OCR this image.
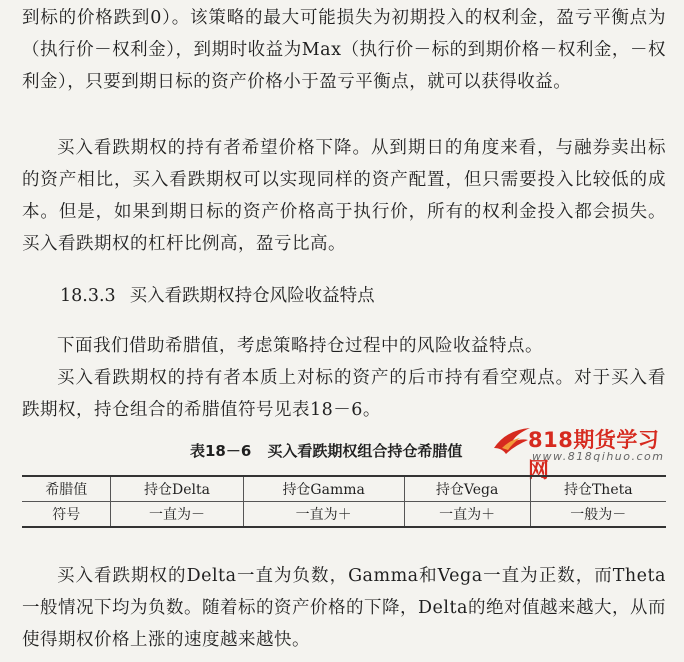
到标的价格跌到0）。该策略的最大可能损失为初期投入的权利金，盈亏平衡点为（执行价－权利金），到期时收益为Max（执行价－标的到期价格－权利金，－权利金），只要到期日标的资产价格小于盈亏平衡点，就可以获得收益。

买入看跌期权的持有者希望价格下降。从到期日的角度来看，与融券卖出标的资产相比，买入看跌期权可以实现同样的资产配置，但只需要投入比较低的成本。但是，如果到期日标的资产价格高于执行价，所有的权利金投入都会损失。买入看跌期权的杠杆比例高，盈亏比高。

18.3.3 买入看跌期权持仓风险收益特点

下面我们借助希腊值，考虑策略持仓过程中的风险收益特点。

买入看跌期权的持有者本质上对标的资产的后市持有看空观点。对于买入看跌期权，持仓组合的希腊值符号见表18－6。

表18－6 买入看跌期权组合持仓希腊值	818期货学习网
www.818qihuo.com
希腊值	持仓Delta	持仓Gamma	持仓Vega	持仓Theta
符号	一直为－	一直为＋	一直为＋	一般为－

买入看跌期权的Delta一直为负数，Gamma和Vega一直为正数，而Theta一般情况下均为负数。随着标的资产价格的下降，Delta的绝对值越来越大，从而使得期权价格上涨的速度越来越快。
